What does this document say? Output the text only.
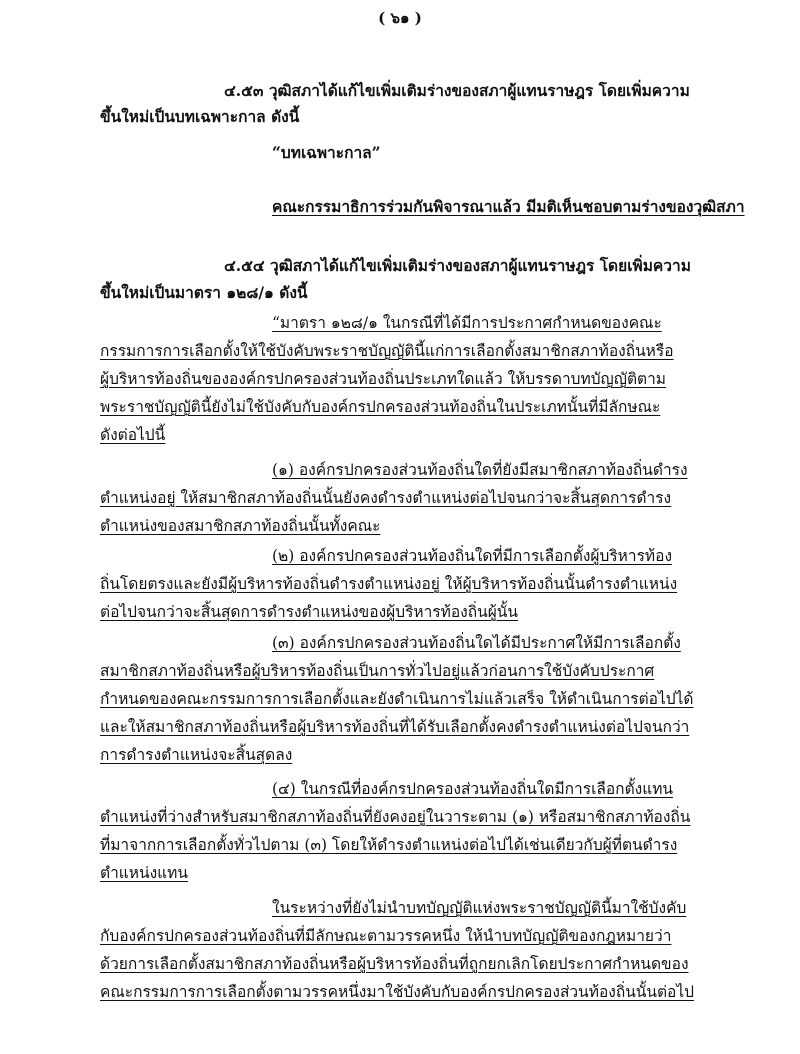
( ๖๑ )
๔.๕๓ วุฒิสภาได้แก้ไขเพิ่มเติมร่างของสภาผู้แทนราษฎร โดยเพิ่มความ
ขึ้นใหม่เป็นบทเฉพาะกาล ดังนี้
“บทเฉพาะกาล”
คณะกรรมาธิการร่วมกันพิจารณาแล้ว มีมติเห็นชอบตามร่างของวุฒิสภา
๔.๕๔ วุฒิสภาได้แก้ไขเพิ่มเติมร่างของสภาผู้แทนราษฎร โดยเพิ่มความ
ขึ้นใหม่เป็นมาตรา ๑๒๘/๑ ดังนี้
“มาตรา ๑๒๘/๑ ในกรณีที่ได้มีการประกาศกำหนดของคณะ
กรรมการการเลือกตั้งให้ใช้บังคับพระราชบัญญัตินี้แก่การเลือกตั้งสมาชิกสภาท้องถิ่นหรือ
ผู้บริหารท้องถิ่นขององค์กรปกครองส่วนท้องถิ่นประเภทใดแล้ว ให้บรรดาบทบัญญัติตาม
พระราชบัญญัตินี้ยังไม่ใช้บังคับกับองค์กรปกครองส่วนท้องถิ่นในประเภทนั้นที่มีลักษณะ
ดังต่อไปนี้
(๑) องค์กรปกครองส่วนท้องถิ่นใดที่ยังมีสมาชิกสภาท้องถิ่นดำรง
ตำแหน่งอยู่ ให้สมาชิกสภาท้องถิ่นนั้นยังคงดำรงตำแหน่งต่อไปจนกว่าจะสิ้นสุดการดำรง
ตำแหน่งของสมาชิกสภาท้องถิ่นนั้นทั้งคณะ
(๒) องค์กรปกครองส่วนท้องถิ่นใดที่มีการเลือกตั้งผู้บริหารท้อง
ถิ่นโดยตรงและยังมีผู้บริหารท้องถิ่นดำรงตำแหน่งอยู่ ให้ผู้บริหารท้องถิ่นนั้นดำรงตำแหน่ง
ต่อไปจนกว่าจะสิ้นสุดการดำรงตำแหน่งของผู้บริหารท้องถิ่นผู้นั้น
(๓) องค์กรปกครองส่วนท้องถิ่นใดได้มีประกาศให้มีการเลือกตั้ง
สมาชิกสภาท้องถิ่นหรือผู้บริหารท้องถิ่นเป็นการทั่วไปอยู่แล้วก่อนการใช้บังคับประกาศ
กำหนดของคณะกรรมการการเลือกตั้งและยังดำเนินการไม่แล้วเสร็จ ให้ดำเนินการต่อไปได้
และให้สมาชิกสภาท้องถิ่นหรือผู้บริหารท้องถิ่นที่ได้รับเลือกตั้งคงดำรงตำแหน่งต่อไปจนกว่า
การดำรงตำแหน่งจะสิ้นสุดลง
(๔) ในกรณีที่องค์กรปกครองส่วนท้องถิ่นใดมีการเลือกตั้งแทน
ตำแหน่งที่ว่างสำหรับสมาชิกสภาท้องถิ่นที่ยังคงอยู่ในวาระตาม (๑) หรือสมาชิกสภาท้องถิ่น
ที่มาจากการเลือกตั้งทั่วไปตาม (๓) โดยให้ดำรงตำแหน่งต่อไปได้เช่นเดียวกับผู้ที่ตนดำรง
ตำแหน่งแทน
ในระหว่างที่ยังไม่นำบทบัญญัติแห่งพระราชบัญญัตินี้มาใช้บังคับ
กับองค์กรปกครองส่วนท้องถิ่นที่มีลักษณะตามวรรคหนึ่ง ให้นำบทบัญญัติของกฎหมายว่า
ด้วยการเลือกตั้งสมาชิกสภาท้องถิ่นหรือผู้บริหารท้องถิ่นที่ถูกยกเลิกโดยประกาศกำหนดของ
คณะกรรมการการเลือกตั้งตามวรรคหนึ่งมาใช้บังคับกับองค์กรปกครองส่วนท้องถิ่นนั้นต่อไป
